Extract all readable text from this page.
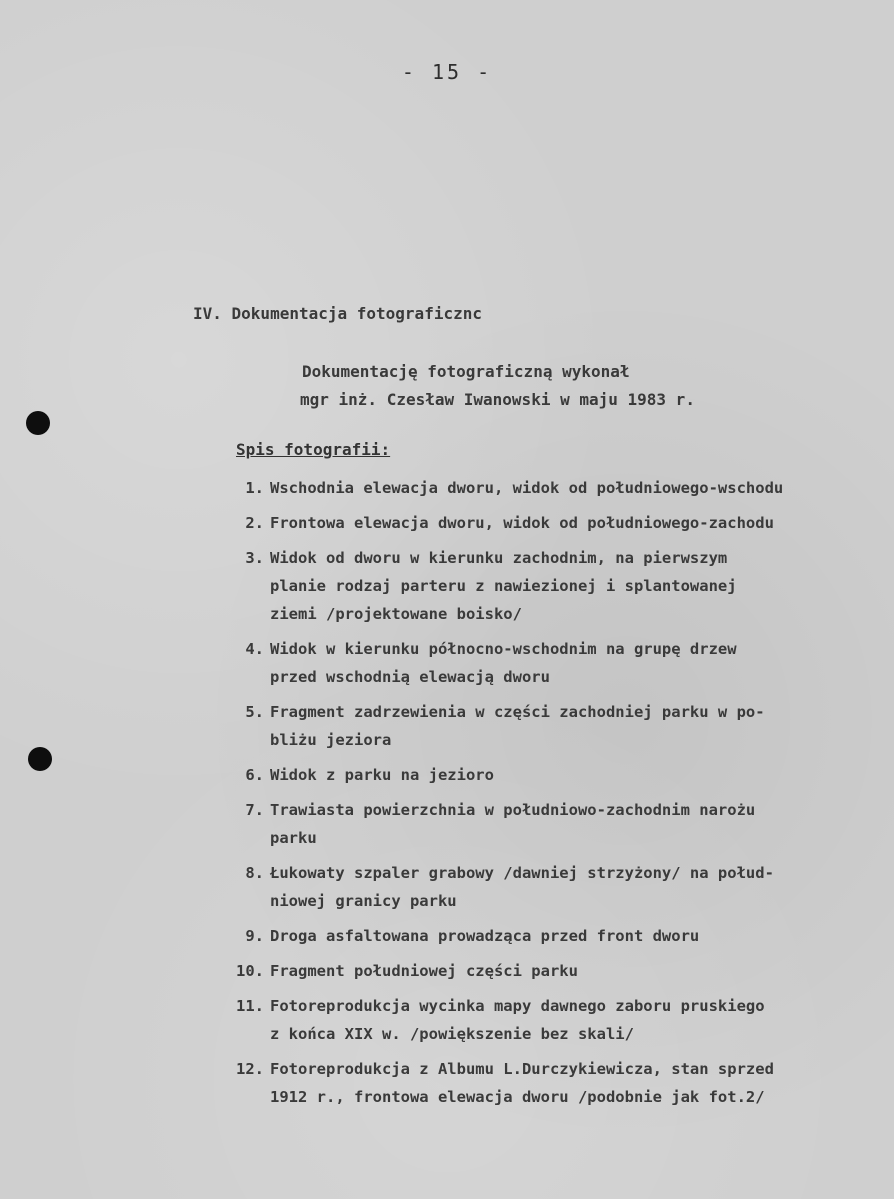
- 15 -
IV. Dokumentacja fotograficznс
Dokumentację fotograficzną wykonał
mgr inż. Czesław Iwanowski w maju 1983 r.
Spis fotografii:
1. Wschodnia elewacja dworu, widok od południowego-wschodu
2. Frontowa elewacja dworu, widok od południowego-zachodu
3. Widok od dworu w kierunku zachodnim, na pierwszym
planie rodzaj parteru z nawiezionej i splantowanej
ziemi /projektowane boisko/
4. Widok w kierunku północno-wschodnim na grupę drzew
przed wschodnią elewacją dworu
5. Fragment zadrzewienia w części zachodniej parku w po-
bliżu jeziora
6. Widok z parku na jezioro
7. Trawiasta powierzchnia w południowo-zachodnim narożu
parku
8. Łukowaty szpaler grabowy /dawniej strzyżony/ na połud-
niowej granicy parku
9. Droga asfaltowana prowadząca przed front dworu
10. Fragment południowej części parku
11. Fotoreprodukcja wycinka mapy dawnego zaboru pruskiego
z końca XIX w. /powiększenie bez skali/
12. Fotoreprodukcja z Albumu L.Durczykiewicza, stan sprzed
1912 r., frontowa elewacja dworu /podobnie jak fot.2/
